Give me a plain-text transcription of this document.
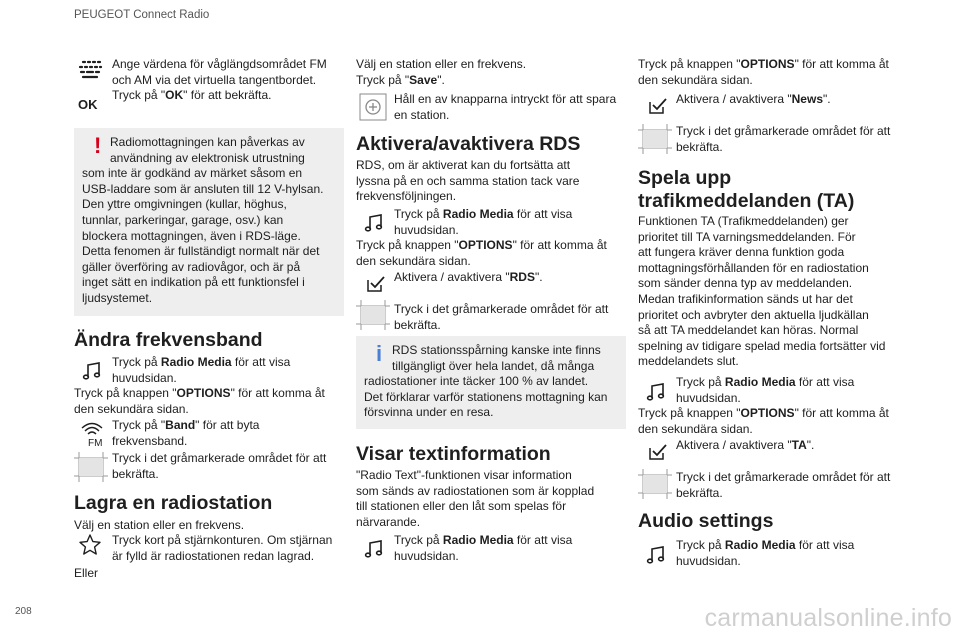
PEUGEOT Connect Radio
208	carmanualsonline.info
OK
Ange värdena för våglängdsområdet FM
och AM via det virtuella tangentbordet.
Tryck på "OK" för att bekräfta.
! Radiomottagningen kan påverkas av
användning av elektronisk utrustning
som inte är godkänd av märket såsom en
USB-laddare som är ansluten till 12 V-hylsan.
Den yttre omgivningen (kullar, höghus,
tunnlar, parkeringar, garage, osv.) kan
blockera mottagningen, även i RDS-läge.
Detta fenomen är fullständigt normalt när det
gäller överföring av radiovågor, och är på
inget sätt en indikation på ett funktionsfel i
ljudsystemet.
Ändra frekvensband
Tryck på Radio Media för att visa
huvudsidan.
Tryck på knappen "OPTIONS" för att komma åt
den sekundära sidan.
FM
Tryck på "Band" för att byta
frekvensband.
Tryck i det gråmarkerade området för att
bekräfta.
Lagra en radiostation
Välj en station eller en frekvens.
Tryck kort på stjärnkonturen. Om stjärnan
är fylld är radiostationen redan lagrad.
Eller
Välj en station eller en frekvens.
Tryck på "Save".
Håll en av knapparna intryckt för att spara
en station.
Aktivera/avaktivera RDS
RDS, om är aktiverat kan du fortsätta att
lyssna på en och samma station tack vare
frekvensföljningen.
Tryck på Radio Media för att visa
huvudsidan.
Tryck på knappen "OPTIONS" för att komma åt
den sekundära sidan.
Aktivera / avaktivera "RDS".
Tryck i det gråmarkerade området för att
bekräfta.
i RDS stationsspårning kanske inte finns
tillgängligt över hela landet, då många
radiostationer inte täcker 100 % av landet.
Det förklarar varför stationens mottagning kan
försvinna under en resa.
Visar textinformation
"Radio Text"-funktionen visar information
som sänds av radiostationen som är kopplad
till stationen eller den låt som spelas för
närvarande.
Tryck på Radio Media för att visa
huvudsidan.
Tryck på knappen "OPTIONS" för att komma åt
den sekundära sidan.
Aktivera / avaktivera "News".
Tryck i det gråmarkerade området för att
bekräfta.
Spela upp
trafikmeddelanden (TA)
Funktionen TA (Trafikmeddelanden) ger
prioritet till TA varningsmeddelanden. För
att fungera kräver denna funktion goda
mottagningsförhållanden för en radiostation
som sänder denna typ av meddelanden.
Medan trafikinformation sänds ut har det
prioritet och avbryter den aktuella ljudkällan
så att TA meddelandet kan höras. Normal
spelning av tidigare spelad media fortsätter vid
meddelandets slut.
Tryck på Radio Media för att visa
huvudsidan.
Tryck på knappen "OPTIONS" för att komma åt
den sekundära sidan.
Aktivera / avaktivera "TA".
Tryck i det gråmarkerade området för att
bekräfta.
Audio settings
Tryck på Radio Media för att visa
huvudsidan.
